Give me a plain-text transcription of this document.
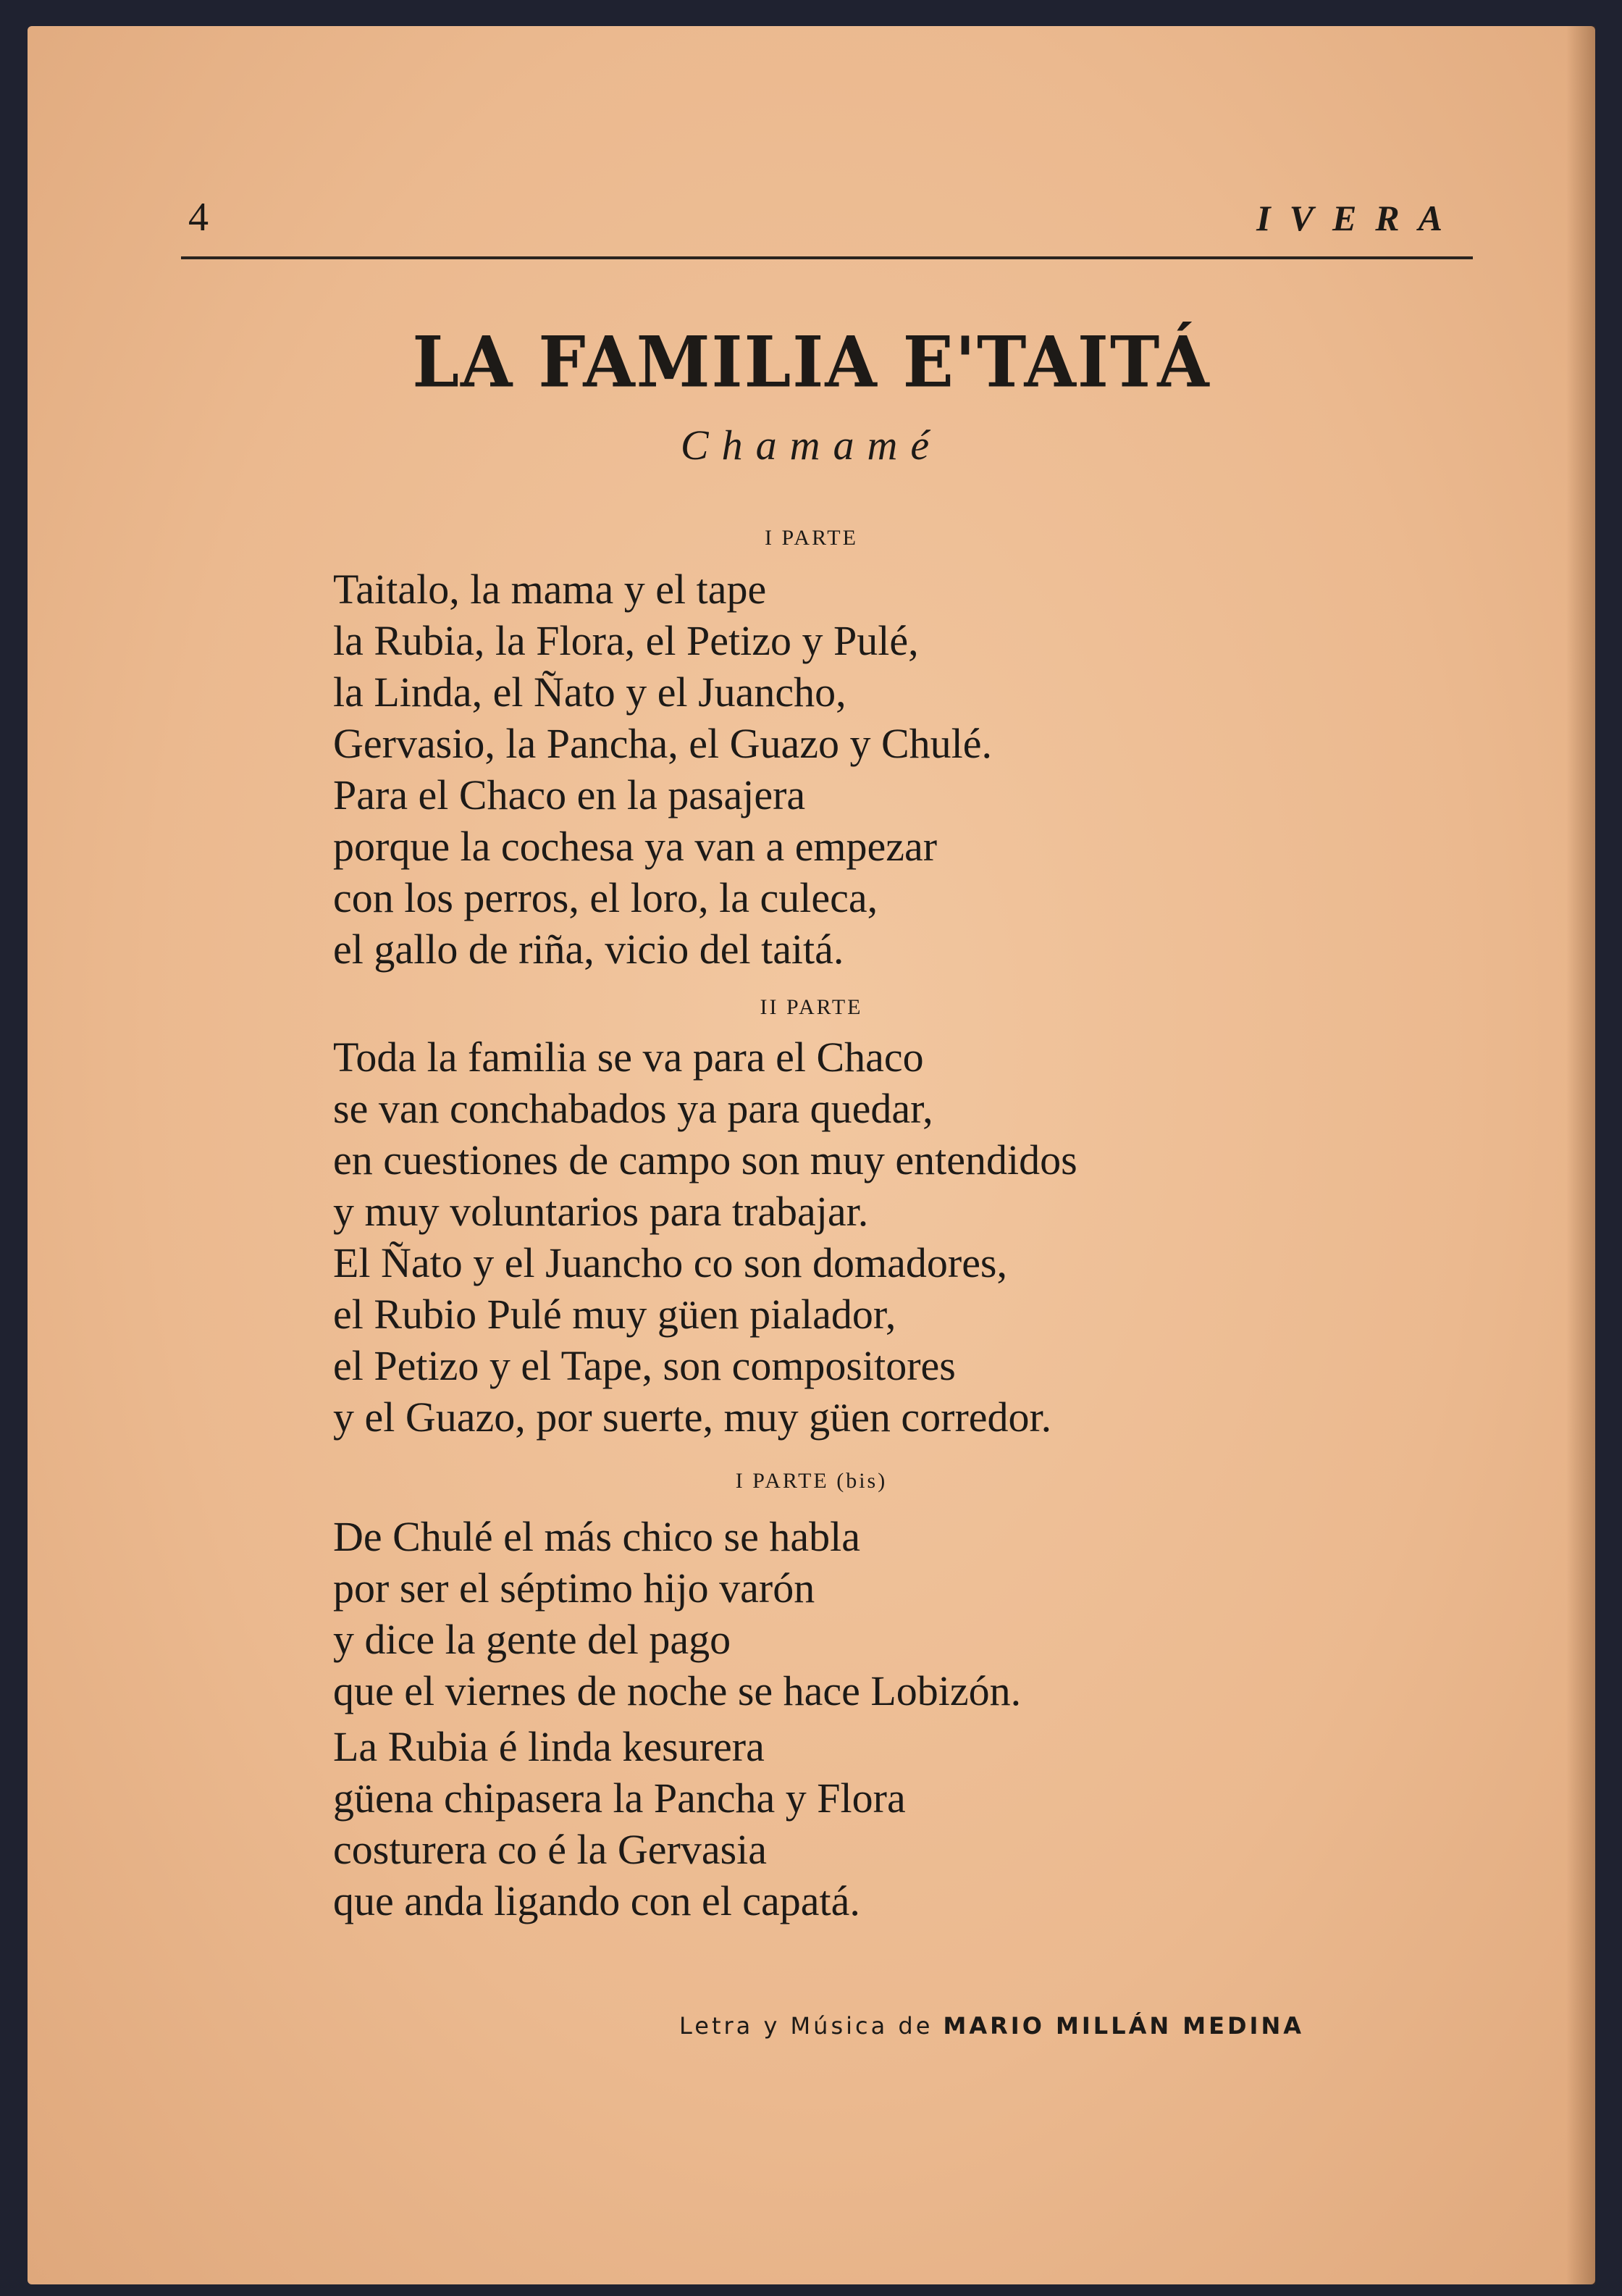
4	IVERA
LA FAMILIA E'TAITÁ
Chamamé
I PARTE
Taitalo, la mama y el tape
la Rubia, la Flora, el Petizo y Pulé,
la Linda, el Ñato y el Juancho,
Gervasio, la Pancha, el Guazo y Chulé.
Para el Chaco en la pasajera
porque la cochesa ya van a empezar
con los perros, el loro, la culeca,
el gallo de riña, vicio del taitá.
II PARTE
Toda la familia se va para el Chaco
se van conchabados ya para quedar,
en cuestiones de campo son muy entendidos
y muy voluntarios para trabajar.
El Ñato y el Juancho co son domadores,
el Rubio Pulé muy güen pialador,
el Petizo y el Tape, son compositores
y el Guazo, por suerte, muy güen corredor.
I PARTE (bis)
De Chulé el más chico se habla
por ser el séptimo hijo varón
y dice la gente del pago
que el viernes de noche se hace Lobizón.
La Rubia é linda kesurera
güena chipasera la Pancha y Flora
costurera co é la Gervasia
que anda ligando con el capatá.
Letra y Música de MARIO MILLÁN MEDINA
